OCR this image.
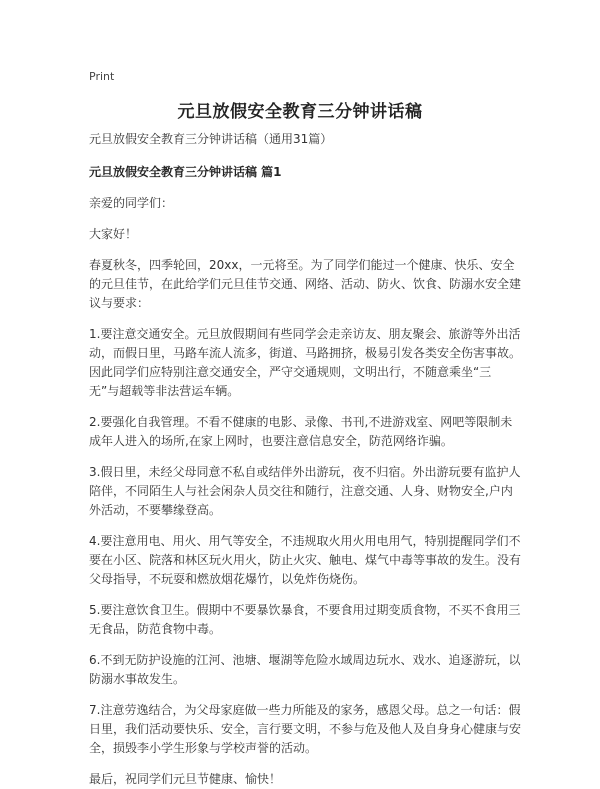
Print
元旦放假安全教育三分钟讲话稿

元旦放假安全教育三分钟讲话稿（通用31篇）

元旦放假安全教育三分钟讲话稿 篇1

亲爱的同学们：

大家好！

春夏秋冬，四季轮回，20xx，一元将至。为了同学们能过一个健康、快乐、安全的元旦佳节，在此给学们元旦佳节交通、网络、活动、防火、饮食、防溺水安全建议与要求：

1.要注意交通安全。元旦放假期间有些同学会走亲访友、朋友聚会、旅游等外出活动，而假日里，马路车流人流多，街道、马路拥挤，极易引发各类安全伤害事故。因此同学们应特别注意交通安全，严守交通规则，文明出行，不随意乘坐“三无”与超载等非法营运车辆。

2.要强化自我管理。不看不健康的电影、录像、书刊,不进游戏室、网吧等限制未成年人进入的场所,在家上网时，也要注意信息安全，防范网络诈骗。

3.假日里，未经父母同意不私自或结伴外出游玩，夜不归宿。外出游玩要有监护人陪伴，不同陌生人与社会闲杂人员交往和随行，注意交通、人身、财物安全,户内外活动，不要攀缘登高。

4.要注意用电、用火、用气等安全，不违规取火用火用电用气，特别提醒同学们不要在小区、院落和林区玩火用火，防止火灾、触电、煤气中毒等事故的发生。没有父母指导，不玩耍和燃放烟花爆竹，以免炸伤烧伤。

5.要注意饮食卫生。假期中不要暴饮暴食，不要食用过期变质食物，不买不食用三无食品，防范食物中毒。

6.不到无防护设施的江河、池塘、堰湖等危险水域周边玩水、戏水、追逐游玩，以防溺水事故发生。

7.注意劳逸结合，为父母家庭做一些力所能及的家务，感恩父母。总之一句话：假日里，我们活动要快乐、安全，言行要文明，不参与危及他人及自身身心健康与安全，损毁李小学生形象与学校声誉的活动。

最后，祝同学们元旦节健康、愉快！
